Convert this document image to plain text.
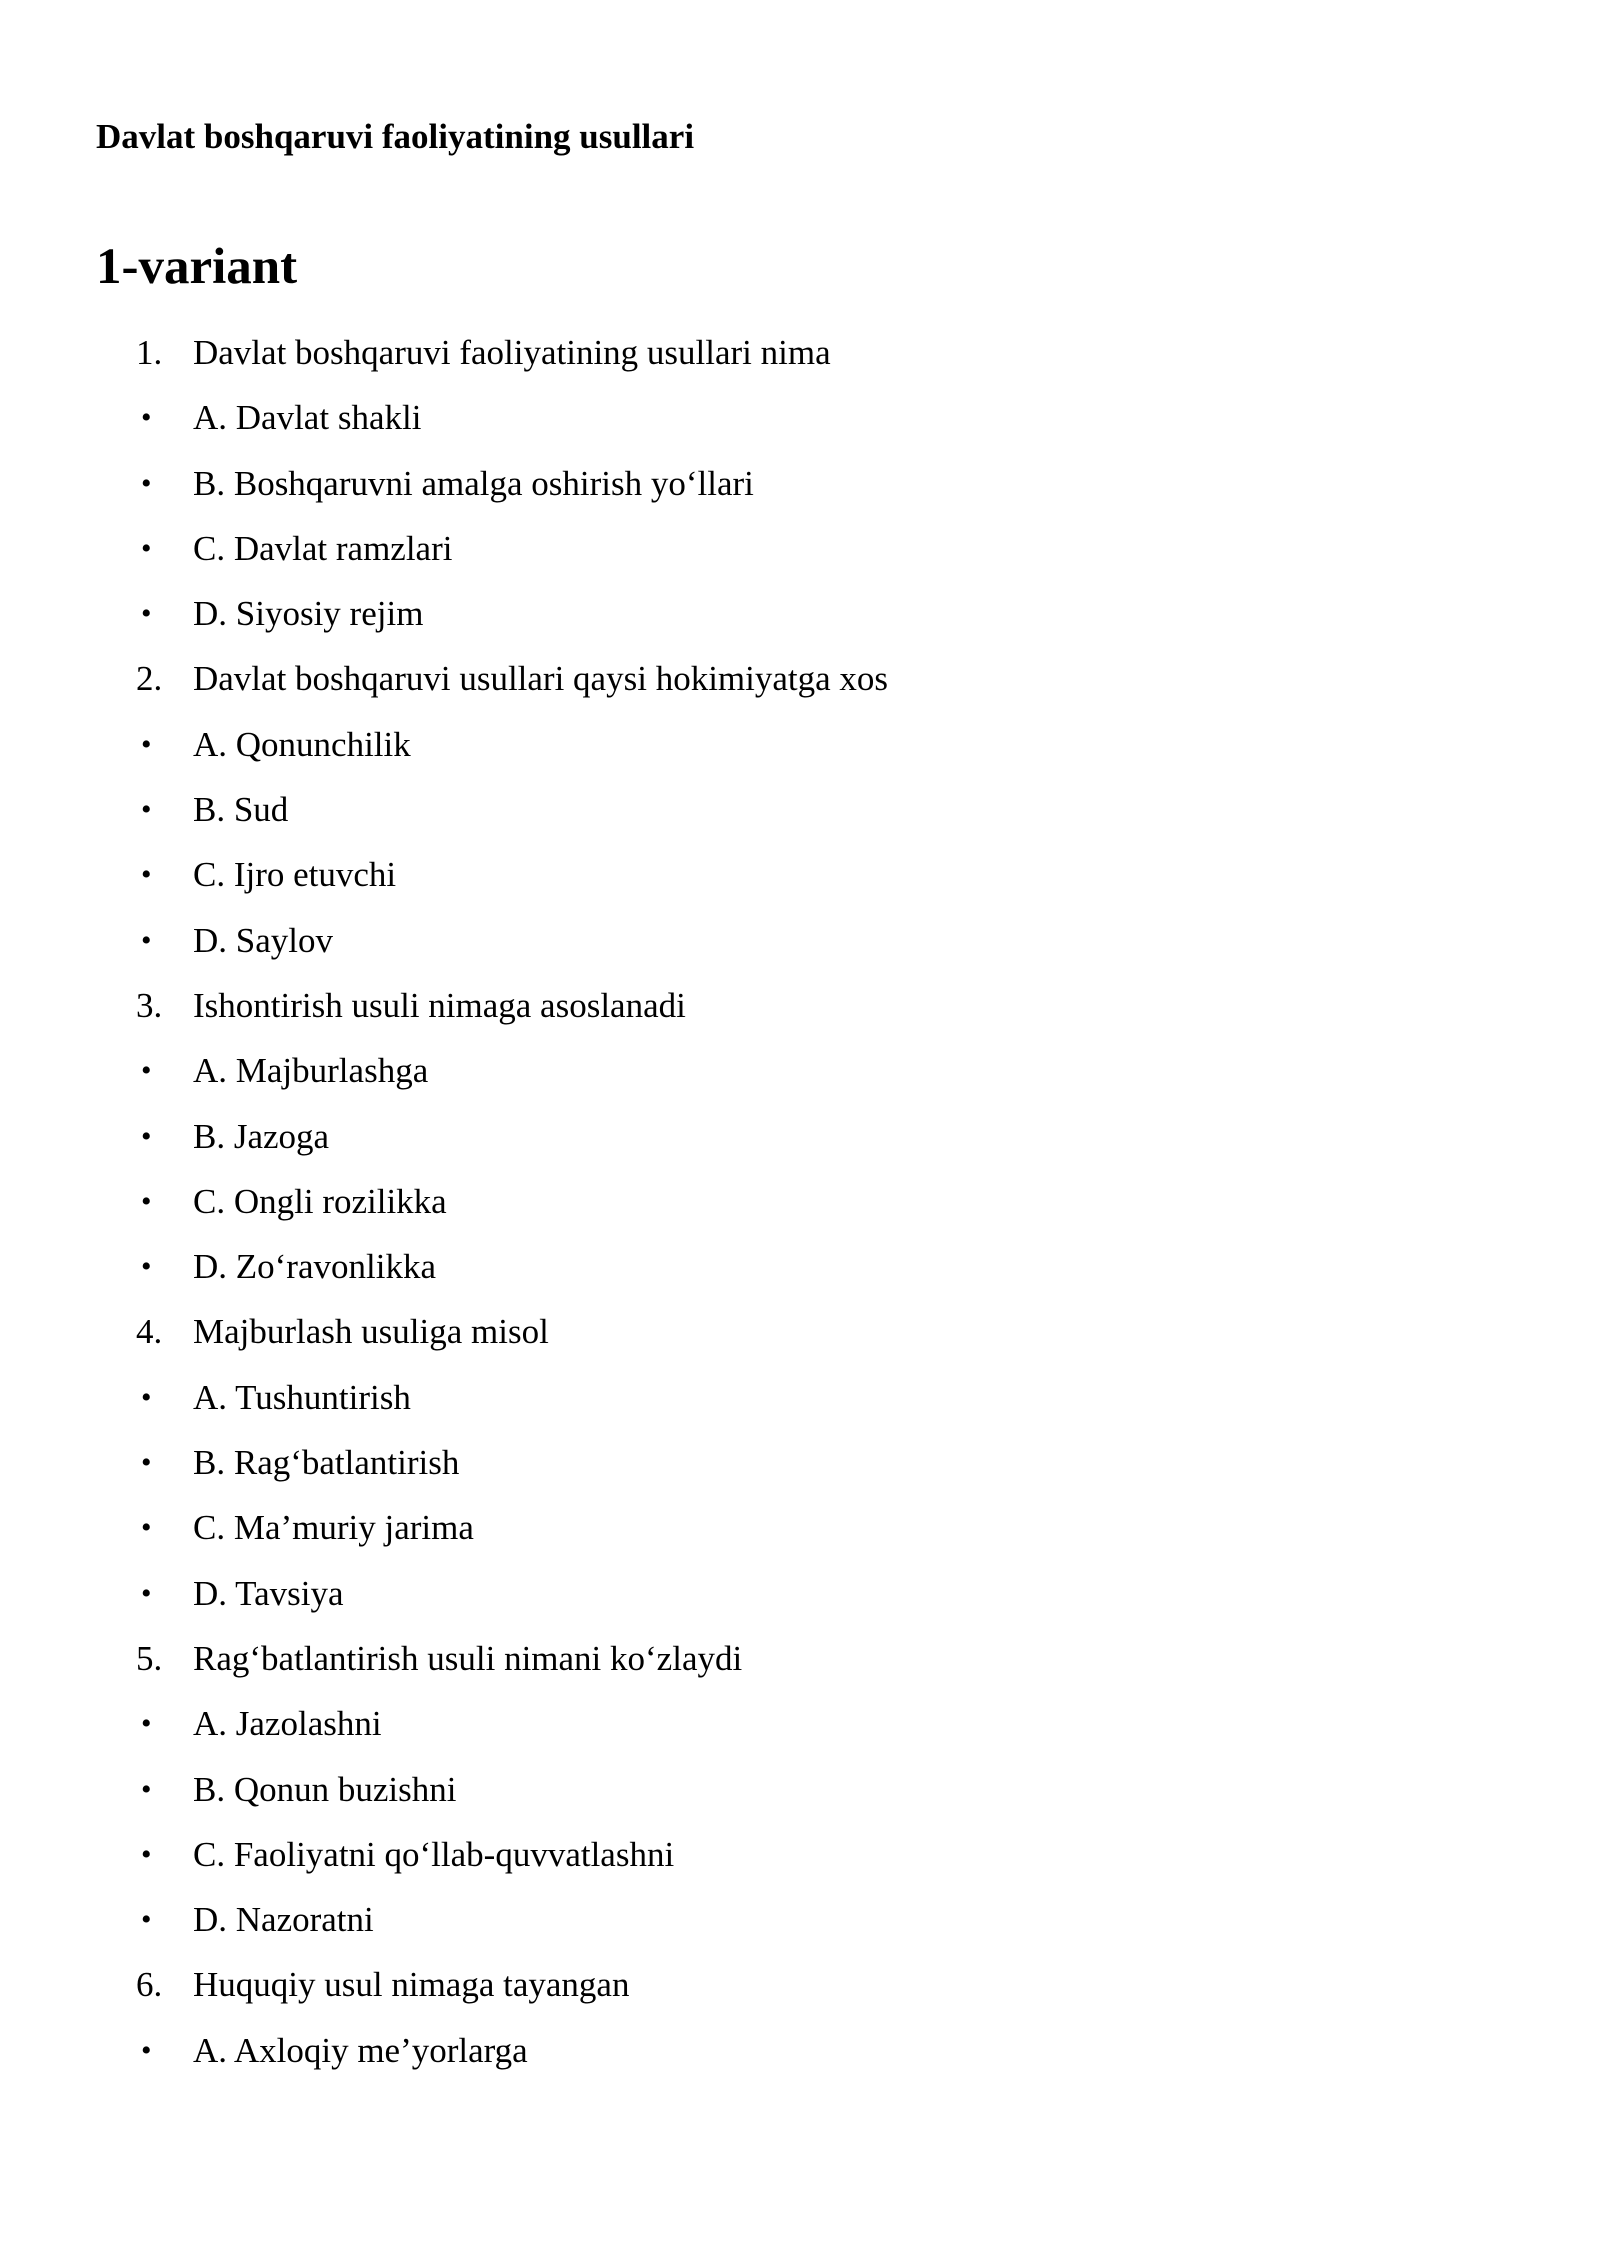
Davlat boshqaruvi faoliyatining usullari
1-variant
1. Davlat boshqaruvi faoliyatining usullari nima
•	A. Davlat shakli
•	B. Boshqaruvni amalga oshirish yo‘llari
•	C. Davlat ramzlari
•	D. Siyosiy rejim
2. Davlat boshqaruvi usullari qaysi hokimiyatga xos
•	A. Qonunchilik
•	B. Sud
•	C. Ijro etuvchi
•	D. Saylov
3. Ishontirish usuli nimaga asoslanadi
•	A. Majburlashga
•	B. Jazoga
•	C. Ongli rozilikka
•	D. Zo‘ravonlikka
4. Majburlash usuliga misol
•	A. Tushuntirish
•	B. Rag‘batlantirish
•	C. Ma’muriy jarima
•	D. Tavsiya
5. Rag‘batlantirish usuli nimani ko‘zlaydi
•	A. Jazolashni
•	B. Qonun buzishni
•	C. Faoliyatni qo‘llab-quvvatlashni
•	D. Nazoratni
6. Huquqiy usul nimaga tayangan
•	A. Axloqiy me’yorlarga
